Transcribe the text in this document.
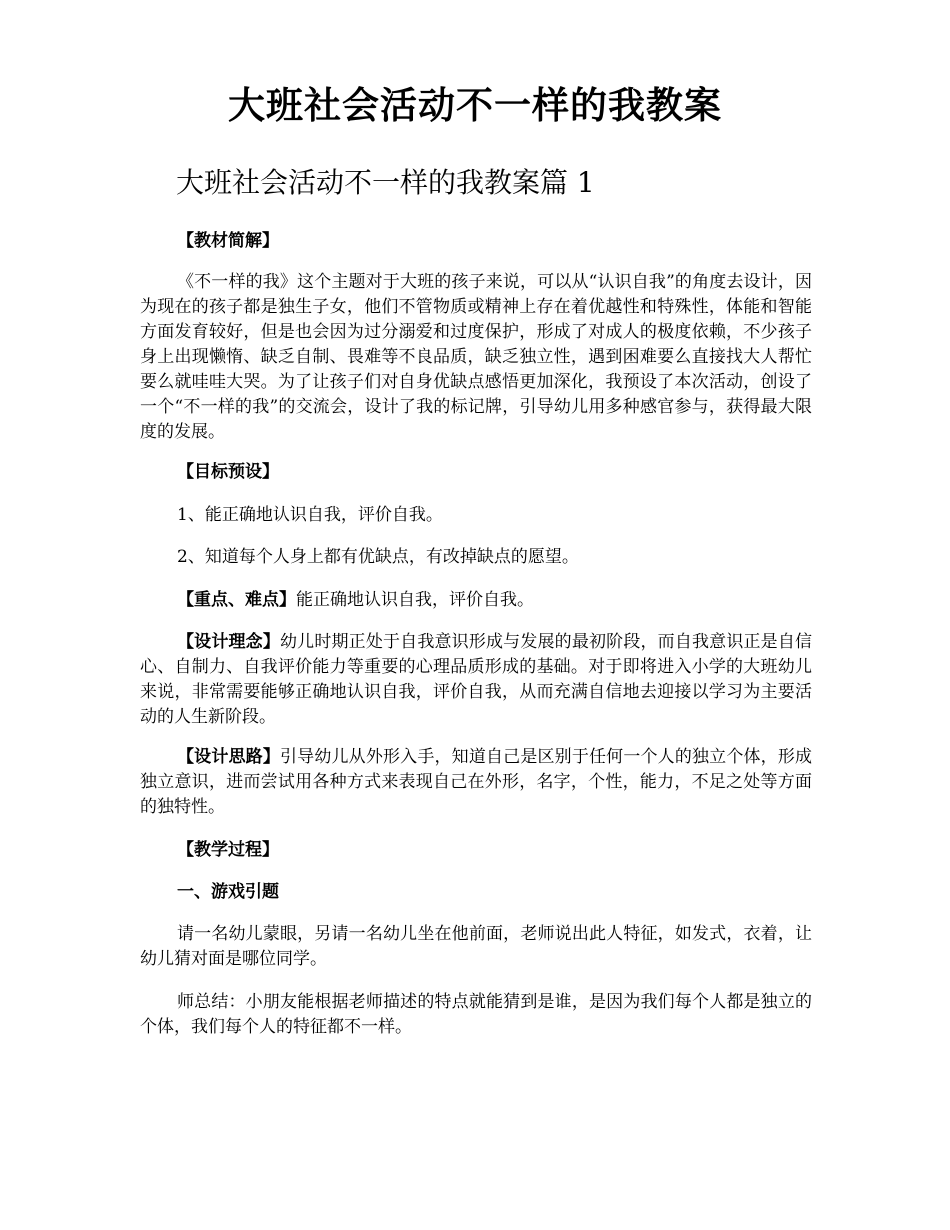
大班社会活动不一样的我教案
大班社会活动不一样的我教案篇 1

【教材简解】

《不一样的我》这个主题对于大班的孩子来说，可以从“认识自我”的角度去设计，因为现在的孩子都是独生子女，他们不管物质或精神上存在着优越性和特殊性，体能和智能方面发育较好，但是也会因为过分溺爱和过度保护，形成了对成人的极度依赖，不少孩子身上出现懒惰、缺乏自制、畏难等不良品质，缺乏独立性，遇到困难要么直接找大人帮忙要么就哇哇大哭。为了让孩子们对自身优缺点感悟更加深化，我预设了本次活动，创设了一个“不一样的我”的交流会，设计了我的标记牌，引导幼儿用多种感官参与，获得最大限度的发展。

【目标预设】

1、能正确地认识自我，评价自我。

2、知道每个人身上都有优缺点，有改掉缺点的愿望。

【重点、难点】能正确地认识自我，评价自我。

【设计理念】幼儿时期正处于自我意识形成与发展的最初阶段，而自我意识正是自信心、自制力、自我评价能力等重要的心理品质形成的基础。对于即将进入小学的大班幼儿来说，非常需要能够正确地认识自我，评价自我，从而充满自信地去迎接以学习为主要活动的人生新阶段。

【设计思路】引导幼儿从外形入手，知道自己是区别于任何一个人的独立个体，形成独立意识，进而尝试用各种方式来表现自己在外形，名字，个性，能力，不足之处等方面的独特性。

【教学过程】

一、游戏引题

请一名幼儿蒙眼，另请一名幼儿坐在他前面，老师说出此人特征，如发式，衣着，让幼儿猜对面是哪位同学。

师总结：小朋友能根据老师描述的特点就能猜到是谁，是因为我们每个人都是独立的个体，我们每个人的特征都不一样。
